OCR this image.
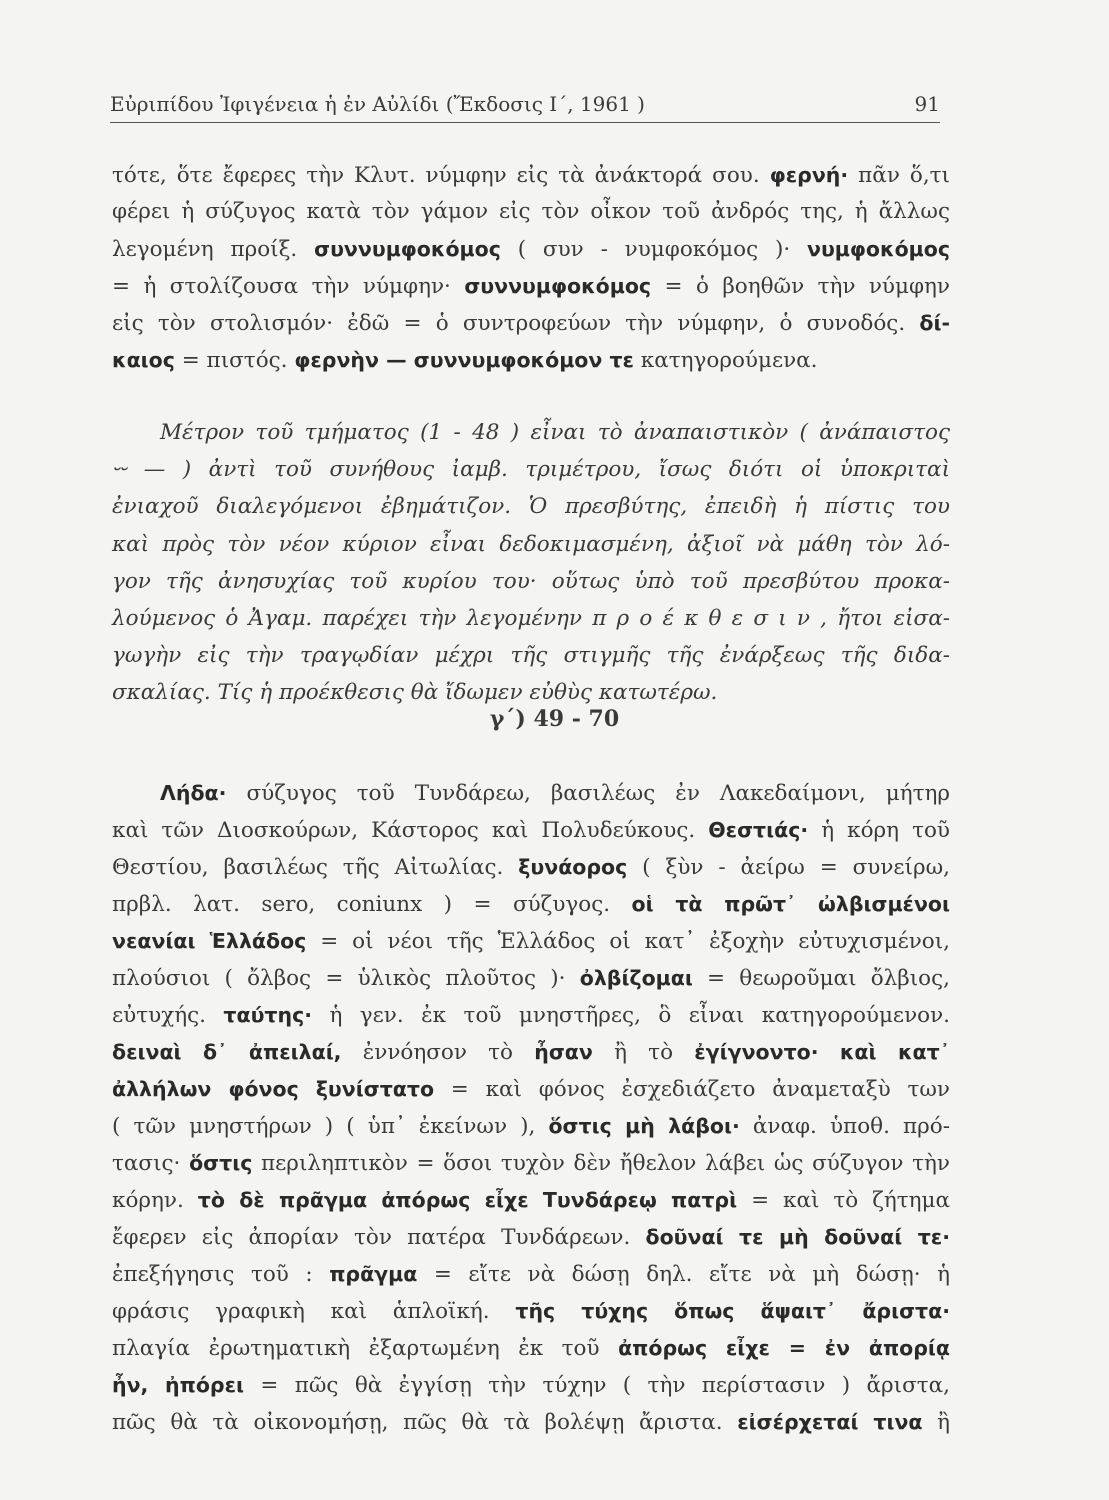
Εὐριπίδου Ἰφιγένεια ἡ ἐν Αὐλίδι (Ἔκδοσις Ι΄, 1961 )	91
τότε, ὅτε ἔφερες τὴν Κλυτ. νύμφην εἰς τὰ ἀνάκτορά σου. φερνή· πᾶν ὅ,τι
φέρει ἡ σύζυγος κατὰ τὸν γάμον εἰς τὸν οἶκον τοῦ ἀνδρός της, ἡ ἄλλως
λεγομένη προίξ. συννυμφοκόμος ( συν - νυμφοκόμος )· νυμφοκόμος
= ἡ στολίζουσα τὴν νύμφην· συννυμφοκόμος = ὁ βοηθῶν τὴν νύμφην
εἰς τὸν στολισμόν· ἐδῶ = ὁ συντροφεύων τὴν νύμφην, ὁ συνοδός. δί-
καιος = πιστός. φερνὴν — συννυμφοκόμον τε κατηγορούμενα.
Μέτρον τοῦ τμήματος (1 - 48 ) εἶναι τὸ ἀναπαιστικὸν ( ἀνάπαιστος
⏑⏑ — ) ἀντὶ τοῦ συνήθους ἰαμβ. τριμέτρου, ἴσως διότι οἱ ὑποκριταὶ
ἐνιαχοῦ διαλεγόμενοι ἐβημάτιζον. Ὁ πρεσβύτης, ἐπειδὴ ἡ πίστις του
καὶ πρὸς τὸν νέον κύριον εἶναι δεδοκιμασμένη, ἀξιοῖ νὰ μάθη τὸν λό-
γον τῆς ἀνησυχίας τοῦ κυρίου του· οὕτως ὑπὸ τοῦ πρεσβύτου προκα-
λούμενος ὁ Ἀγαμ. παρέχει τὴν λεγομένην π ρ ο έ κ θ ε σ ι ν , ἤτοι εἰσα-
γωγὴν εἰς τὴν τραγῳδίαν μέχρι τῆς στιγμῆς τῆς ἐνάρξεως τῆς διδα-
σκαλίας. Τίς ἡ προέκθεσις θὰ ἴδωμεν εὐθὺς κατωτέρω.
Λήδα· σύζυγος τοῦ Τυνδάρεω, βασιλέως ἐν Λακεδαίμονι, μήτηρ
καὶ τῶν Διοσκούρων, Κάστορος καὶ Πολυδεύκους. Θεστιάς· ἡ κόρη τοῦ
Θεστίου, βασιλέως τῆς Αἰτωλίας. ξυνάορος ( ξὺν - ἀείρω = συνείρω,
πρβλ. λατ. sero, coniunx ) = σύζυγος. οἱ τὰ πρῶτ᾽ ὠλβισμένοι
νεανίαι Ἑλλάδος = οἱ νέοι τῆς Ἑλλάδος οἱ κατ᾽ ἐξοχὴν εὐτυχισμένοι,
πλούσιοι ( ὄλβος = ὑλικὸς πλοῦτος )· ὀλβίζομαι = θεωροῦμαι ὄλβιος,
εὐτυχής. ταύτης· ἡ γεν. ἐκ τοῦ μνηστῆρες, ὃ εἶναι κατηγορούμενον.
δειναὶ δ᾽ ἀπειλαί, ἐννόησον τὸ ἦσαν ἢ τὸ ἐγίγνοντο· καὶ κατ᾽
ἀλλήλων φόνος ξυνίστατο = καὶ φόνος ἐσχεδιάζετο ἀναμεταξὺ των
( τῶν μνηστήρων ) ( ὑπ᾽ ἐκείνων ), ὅστις μὴ λάβοι· ἀναφ. ὑποθ. πρό-
τασις· ὅστις περιληπτικὸν = ὅσοι τυχὸν δὲν ἤθελον λάβει ὡς σύζυγον τὴν
κόρην. τὸ δὲ πρᾶγμα ἀπόρως εἶχε Τυνδάρεῳ πατρὶ = καὶ τὸ ζήτημα
ἔφερεν εἰς ἀπορίαν τὸν πατέρα Τυνδάρεων. δοῦναί τε μὴ δοῦναί τε·
ἐπεξήγησις τοῦ : πρᾶγμα = εἴτε νὰ δώσῃ δηλ. εἴτε νὰ μὴ δώσῃ· ἡ
φράσις γραφικὴ καὶ ἁπλοϊκή. τῆς τύχης ὅπως ἅψαιτ᾽ ἄριστα·
πλαγία ἐρωτηματικὴ ἐξαρτωμένη ἐκ τοῦ ἀπόρως εἶχε = ἐν ἀπορίᾳ
ἦν, ἠπόρει = πῶς θὰ ἐγγίσῃ τὴν τύχην ( τὴν περίστασιν ) ἄριστα,
πῶς θὰ τὰ οἰκονομήσῃ, πῶς θὰ τὰ βολέψῃ ἄριστα. εἰσέρχεταί τινα ἢ
γ΄) 49 - 70
